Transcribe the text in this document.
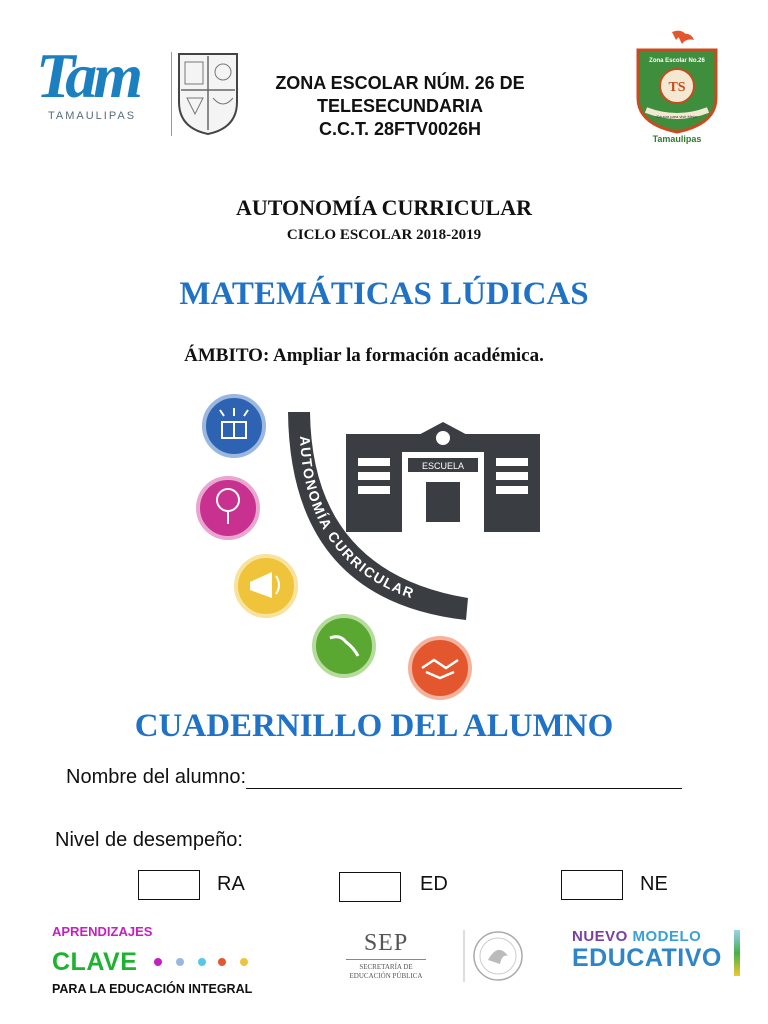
Tam
TAMAULIPAS
ZONA ESCOLAR NÚM. 26 DE
TELESECUNDARIA
C.C.T. 28FTV0026H
Zona Escolar No.26
TS
Educar para vivir Mejor
Tamaulipas
AUTONOMÍA CURRICULAR
CICLO ESCOLAR 2018-2019
MATEMÁTICAS LÚDICAS
ÁMBITO: Ampliar la formación académica.
AUTONOMÍA CURRICULAR
ESCUELA
CUADERNILLO DEL ALUMNO
Nombre del alumno:
Nivel de desempeño:
RA	ED	NE
APRENDIZAJES
CLAVE
PARA LA EDUCACIÓN INTEGRAL
SEP
SECRETARÍA DE
EDUCACIÓN PÚBLICA
NUEVO MODELO
EDUCATIVO
